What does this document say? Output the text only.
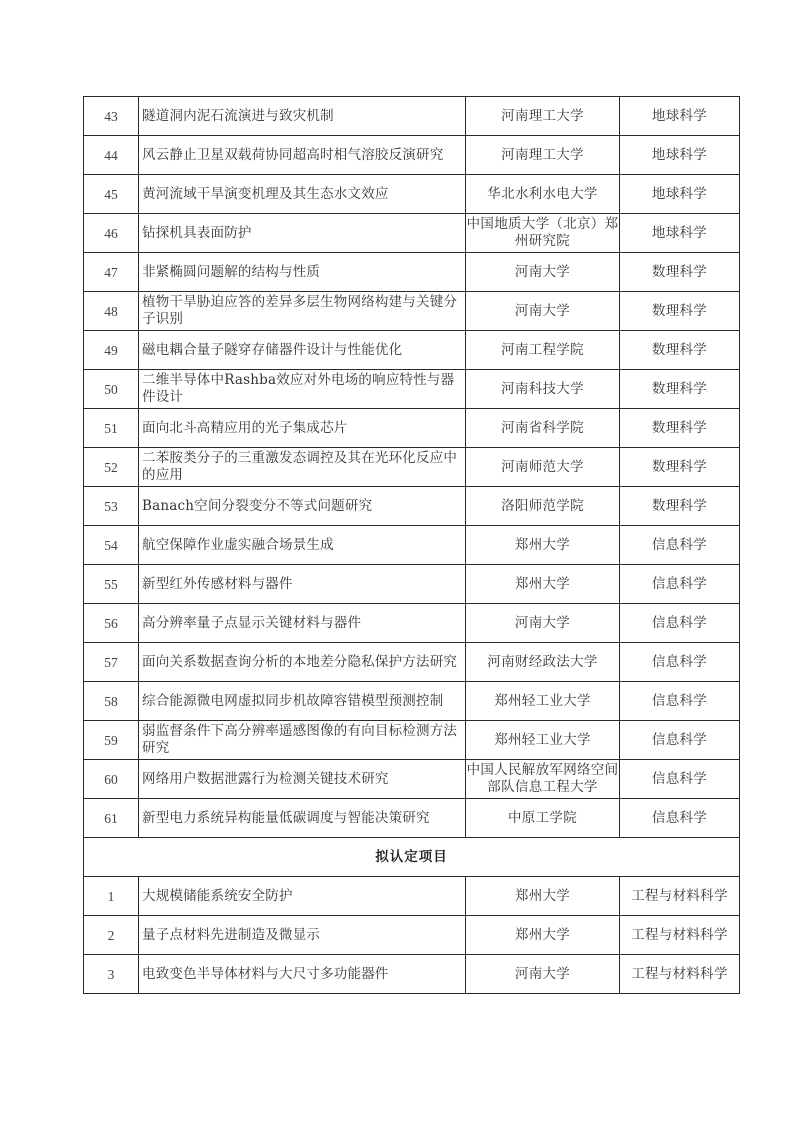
43	隧道洞内泥石流演进与致灾机制	河南理工大学	地球科学
44	风云静止卫星双载荷协同超高时相气溶胶反演研究	河南理工大学	地球科学
45	黄河流域干旱演变机理及其生态水文效应	华北水利水电大学	地球科学
46	钻探机具表面防护	中国地质大学（北京）郑州研究院	地球科学
47	非紧椭圆问题解的结构与性质	河南大学	数理科学
48	植物干旱胁迫应答的差异多层生物网络构建与关键分子识别	河南大学	数理科学
49	磁电耦合量子隧穿存储器件设计与性能优化	河南工程学院	数理科学
50	二维半导体中Rashba效应对外电场的响应特性与器件设计	河南科技大学	数理科学
51	面向北斗高精应用的光子集成芯片	河南省科学院	数理科学
52	二苯胺类分子的三重激发态调控及其在光环化反应中的应用	河南师范大学	数理科学
53	Banach空间分裂变分不等式问题研究	洛阳师范学院	数理科学
54	航空保障作业虚实融合场景生成	郑州大学	信息科学
55	新型红外传感材料与器件	郑州大学	信息科学
56	高分辨率量子点显示关键材料与器件	河南大学	信息科学
57	面向关系数据查询分析的本地差分隐私保护方法研究	河南财经政法大学	信息科学
58	综合能源微电网虚拟同步机故障容错模型预测控制	郑州轻工业大学	信息科学
59	弱监督条件下高分辨率遥感图像的有向目标检测方法研究	郑州轻工业大学	信息科学
60	网络用户数据泄露行为检测关键技术研究	中国人民解放军网络空间部队信息工程大学	信息科学
61	新型电力系统异构能量低碳调度与智能决策研究	中原工学院	信息科学
拟认定项目			
1	大规模储能系统安全防护	郑州大学	工程与材料科学
2	量子点材料先进制造及微显示	郑州大学	工程与材料科学
3	电致变色半导体材料与大尺寸多功能器件	河南大学	工程与材料科学
